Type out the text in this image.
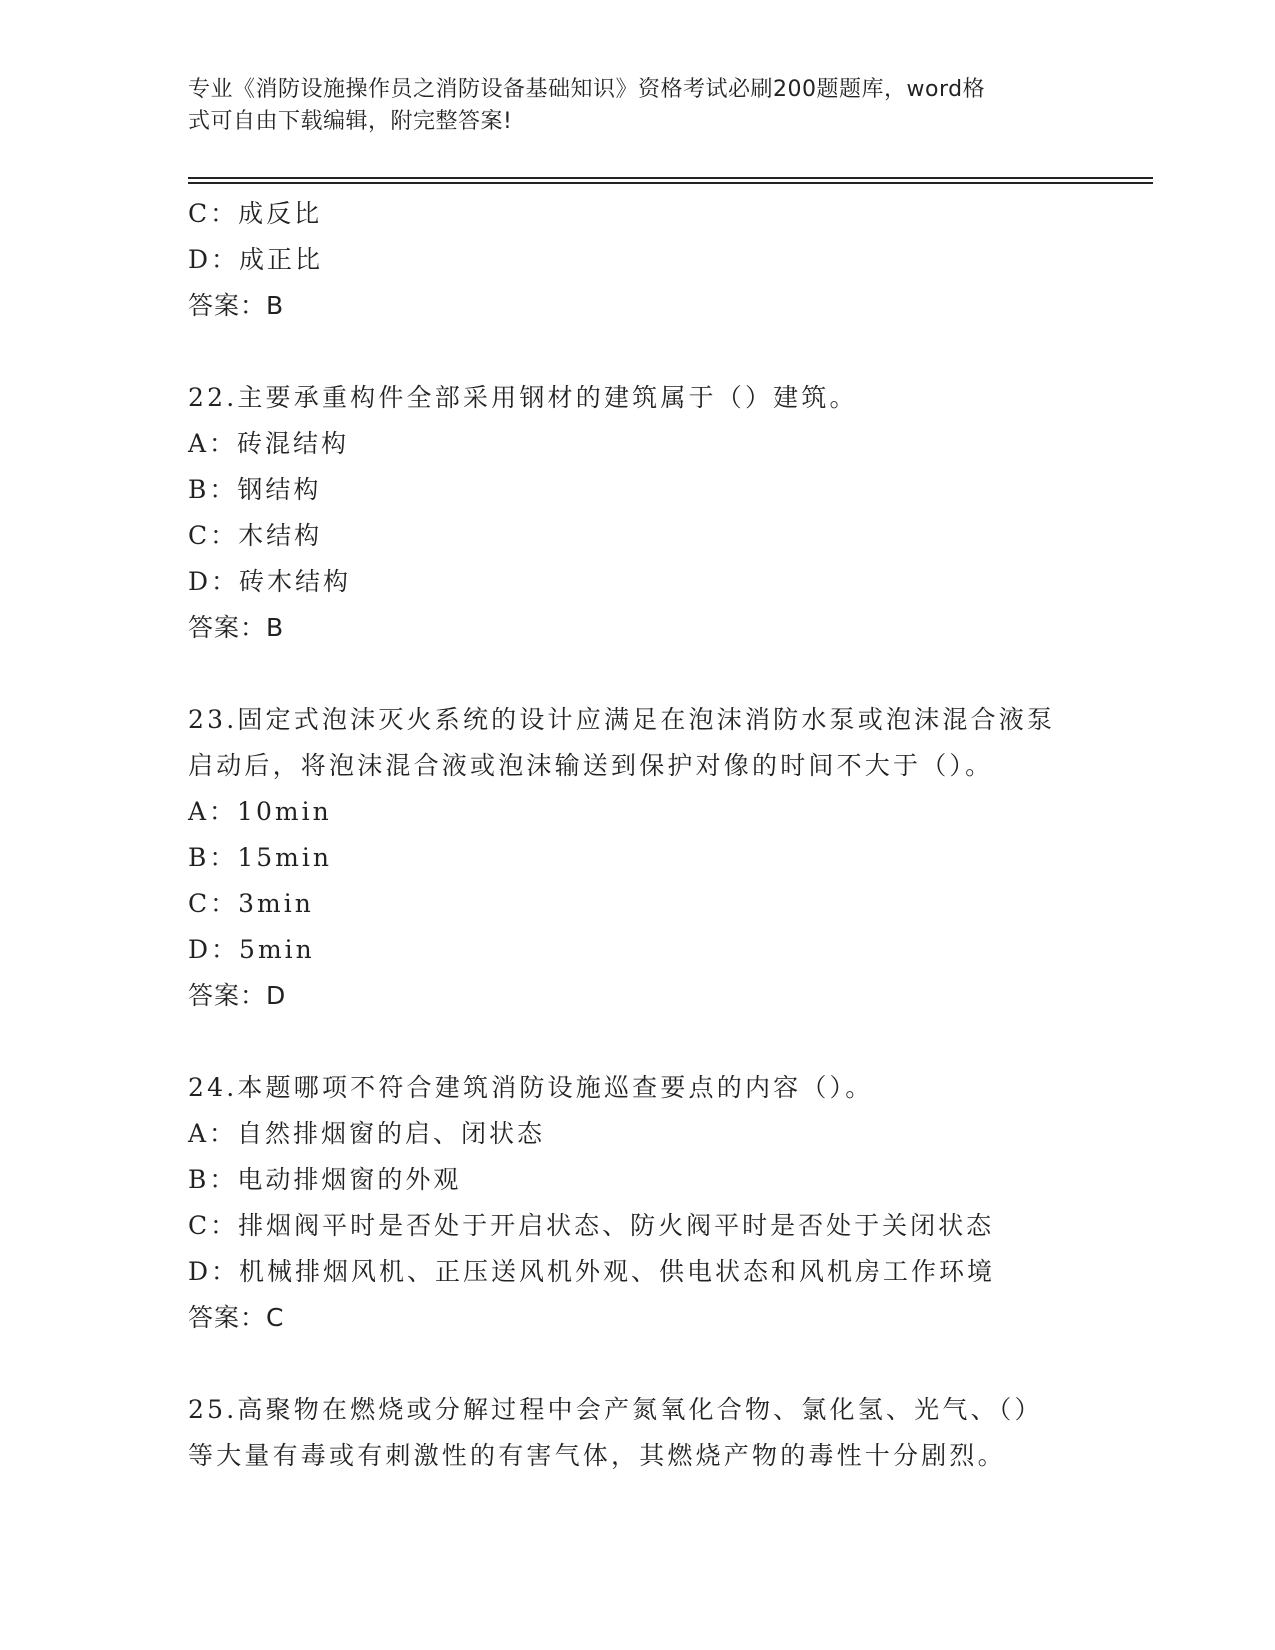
专业《消防设施操作员之消防设备基础知识》资格考试必刷200题题库，word格
式可自由下载编辑，附完整答案!
C：成反比
D：成正比
答案：B
22.主要承重构件全部采用钢材的建筑属于（）建筑。
A：砖混结构
B：钢结构
C：木结构
D：砖木结构
答案：B
23.固定式泡沫灭火系统的设计应满足在泡沫消防水泵或泡沫混合液泵
启动后，将泡沫混合液或泡沫输送到保护对像的时间不大于（）。
A：10min
B：15min
C：3min
D：5min
答案：D
24.本题哪项不符合建筑消防设施巡查要点的内容（）。
A：自然排烟窗的启、闭状态
B：电动排烟窗的外观
C：排烟阀平时是否处于开启状态、防火阀平时是否处于关闭状态
D：机械排烟风机、正压送风机外观、供电状态和风机房工作环境
答案：C
25.高聚物在燃烧或分解过程中会产氮氧化合物、氯化氢、光气、（）
等大量有毒或有刺激性的有害气体，其燃烧产物的毒性十分剧烈。
